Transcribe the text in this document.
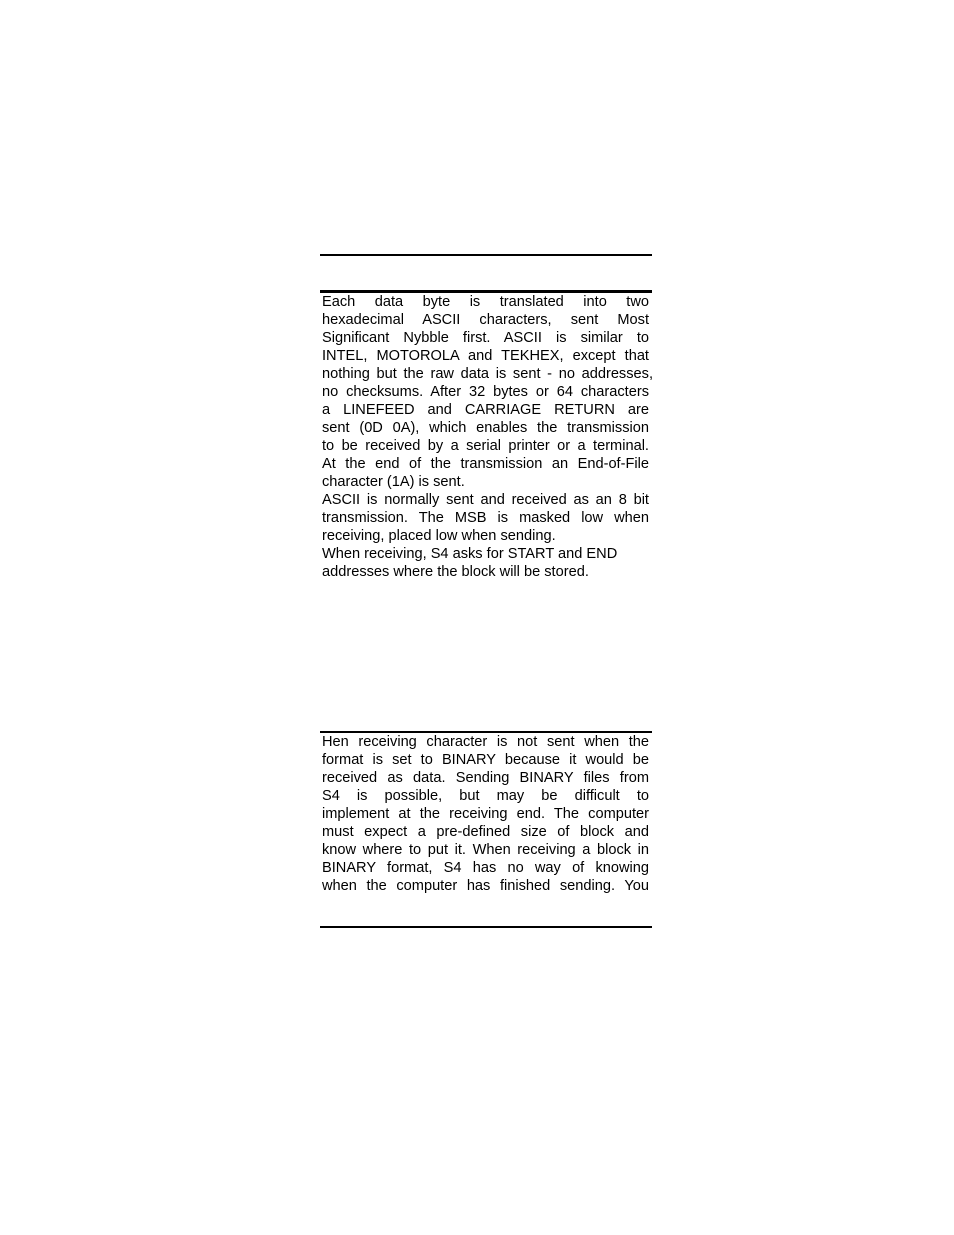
Each data byte is translated into two
hexadecimal ASCII characters, sent Most
Significant Nybble first. ASCII is similar to
INTEL, MOTOROLA and TEKHEX, except that
nothing but the raw data is sent - no addresses,
no checksums. After 32 bytes or 64 characters
a LINEFEED and CARRIAGE RETURN are
sent (0D 0A), which enables the transmission
to be received by a serial printer or a terminal.
At the end of the transmission an End-of-File
character (1A) is sent.

ASCII is normally sent and received as an 8 bit
transmission. The MSB is masked low when
receiving, placed low when sending.

When receiving, S4 asks for START and END
addresses where the block will be stored.

Hen receiving character is not sent when the
format is set to BINARY because it would be
received as data. Sending BINARY files from
S4 is possible, but may be difficult to
implement at the receiving end. The computer
must expect a pre-defined size of block and
know where to put it. When receiving a block in
BINARY format, S4 has no way of knowing
when the computer has finished sending. You
